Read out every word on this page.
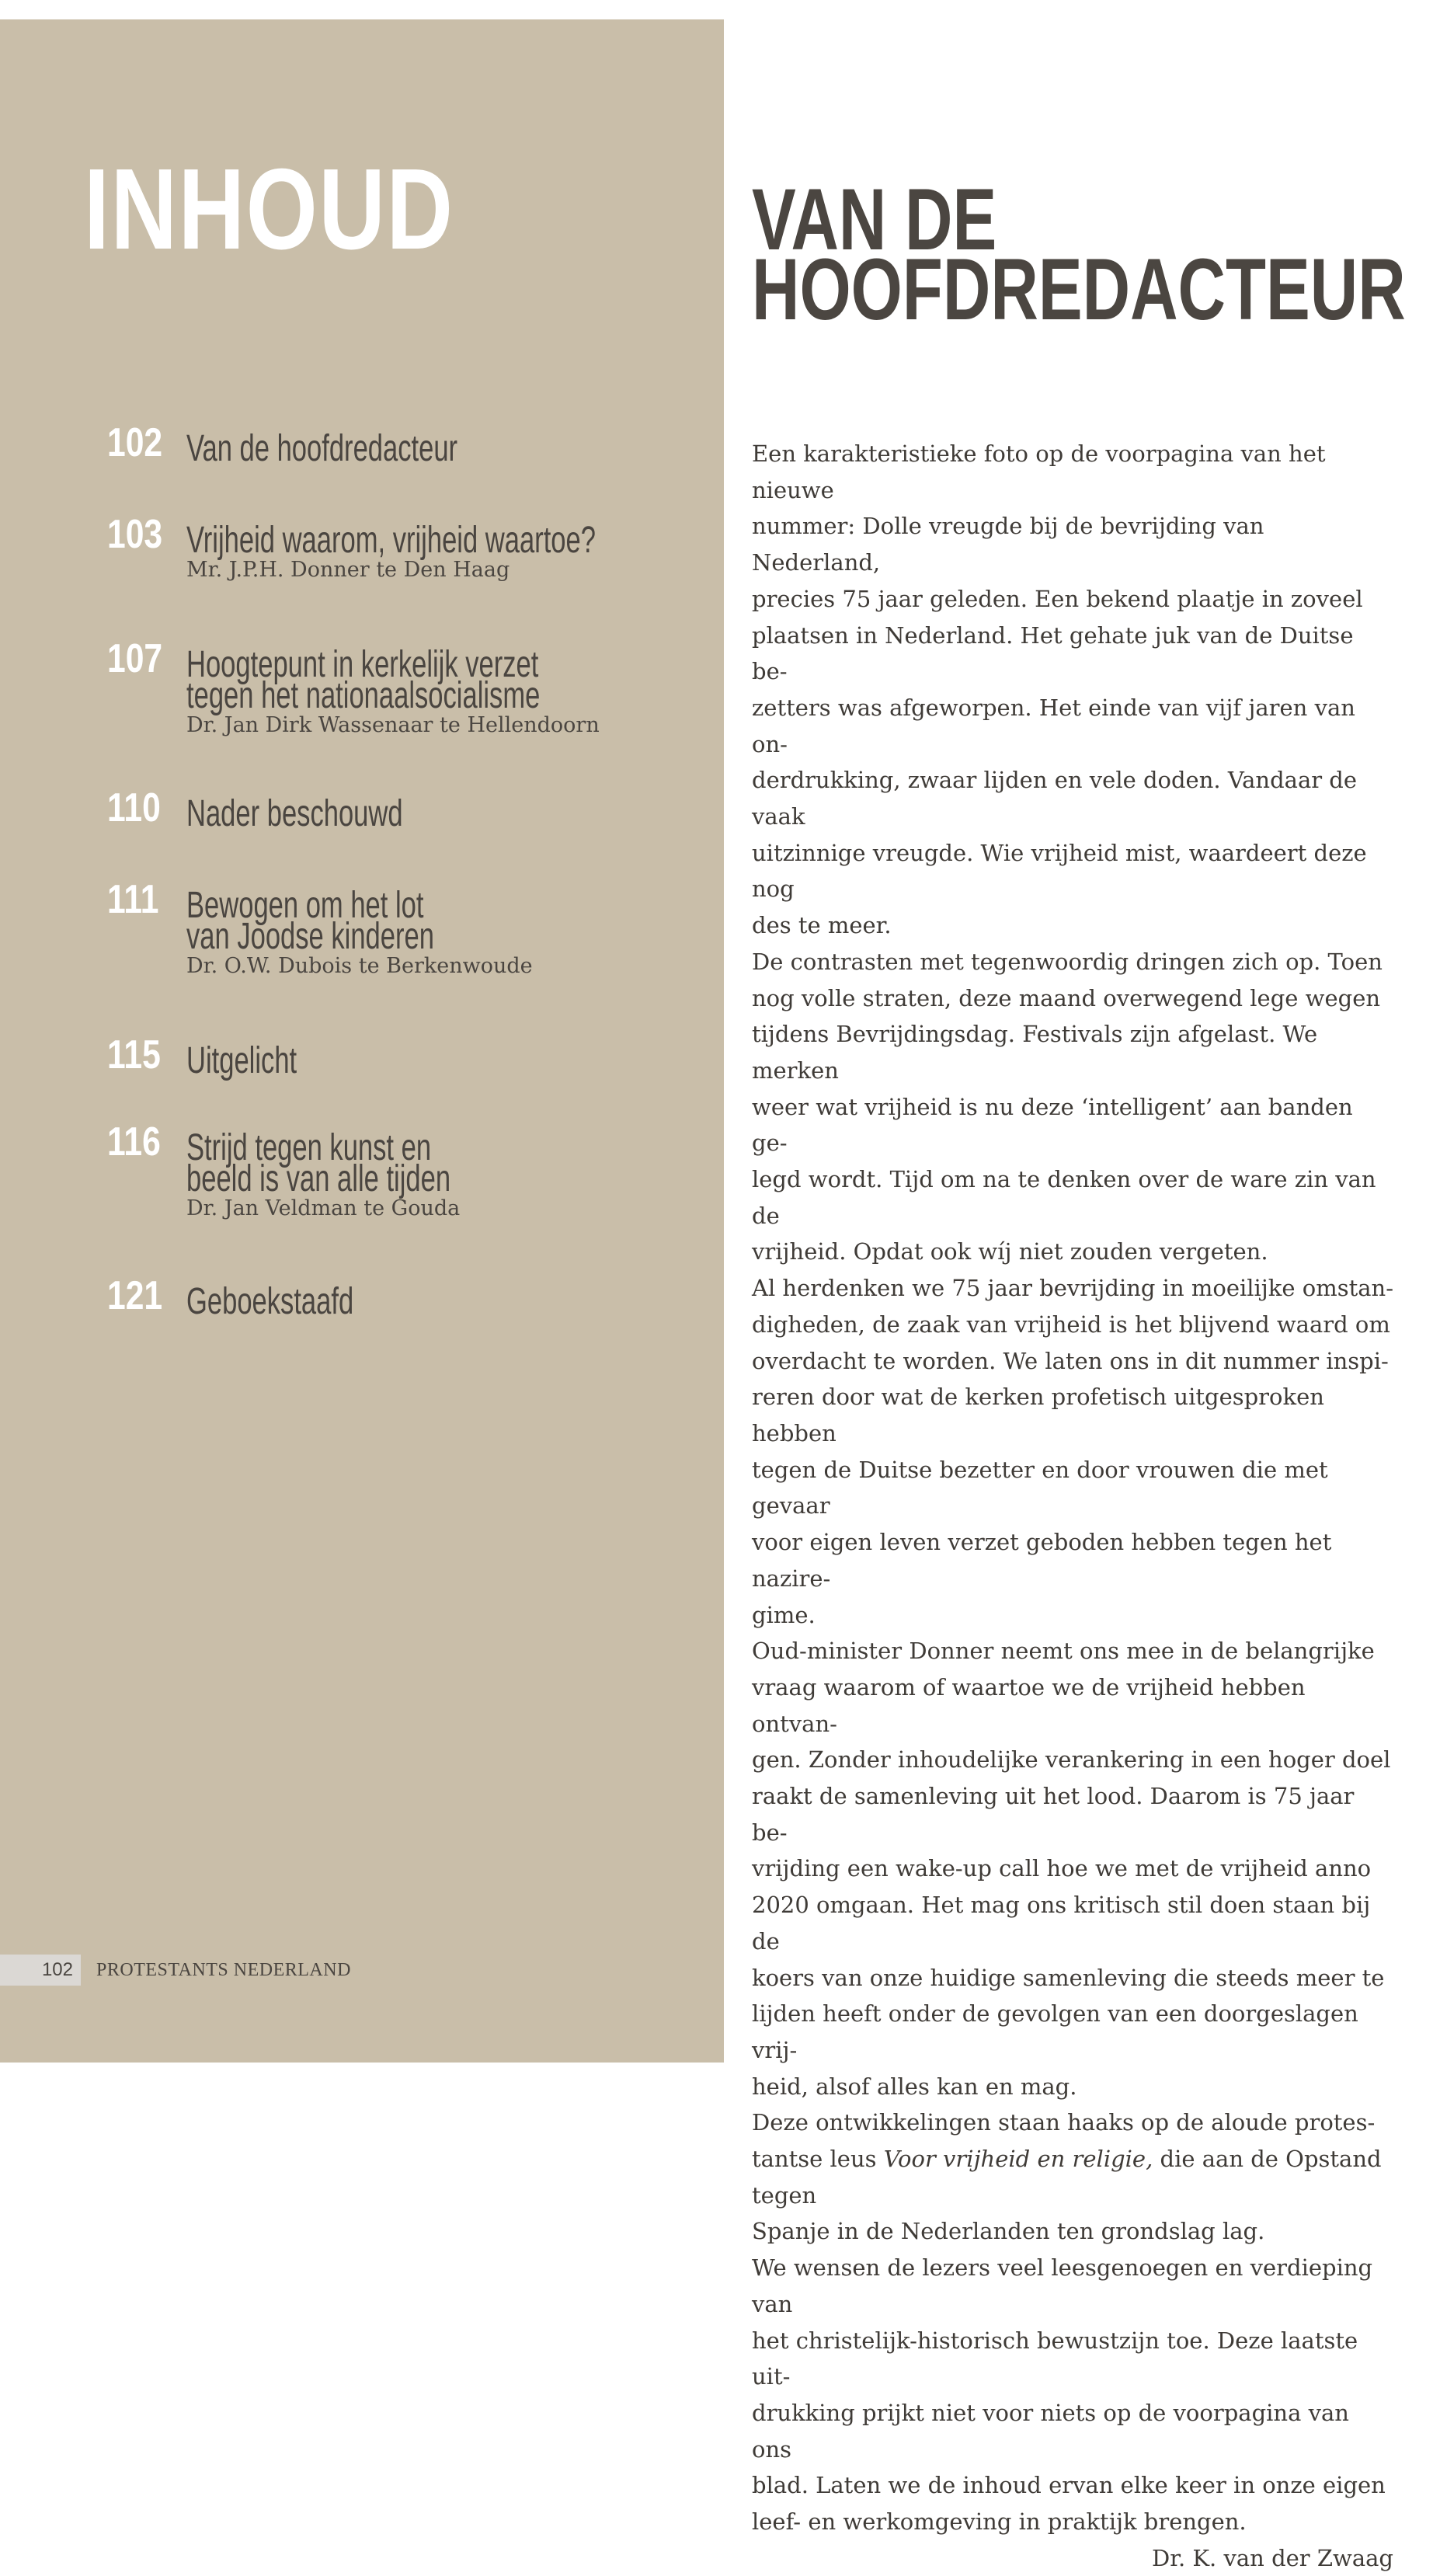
INHOUD
102 Van de hoofdredacteur
103 Vrijheid waarom, vrijheid waartoe?
Mr. J.P.H. Donner te Den Haag
107 Hoogtepunt in kerkelijk verzet
tegen het nationaalsocialisme
Dr. Jan Dirk Wassenaar te Hellendoorn
110 Nader beschouwd
111 Bewogen om het lot
van Joodse kinderen
Dr. O.W. Dubois te Berkenwoude
115 Uitgelicht
116 Strijd tegen kunst en
beeld is van alle tijden
Dr. Jan Veldman te Gouda
121 Geboekstaafd
102	PROTESTANTS NEDERLAND
VAN DE
HOOFDREDACTEUR

Een karakteristieke foto op de voorpagina van het nieuwe

nummer: Dolle vreugde bij de bevrijding van Nederland,

precies 75 jaar geleden. Een bekend plaatje in zoveel

plaatsen in Nederland. Het gehate juk van de Duitse be-

zetters was afgeworpen. Het einde van vijf jaren van on-

derdrukking, zwaar lijden en vele doden. Vandaar de vaak

uitzinnige vreugde. Wie vrijheid mist, waardeert deze nog

des te meer.

De contrasten met tegenwoordig dringen zich op. Toen

nog volle straten, deze maand overwegend lege wegen

tijdens Bevrijdingsdag. Festivals zijn afgelast. We merken

weer wat vrijheid is nu deze ‘intelligent’ aan banden ge-

legd wordt. Tijd om na te denken over de ware zin van de

vrijheid. Opdat ook wíj niet zouden vergeten.

Al herdenken we 75 jaar bevrijding in moeilijke omstan-

digheden, de zaak van vrijheid is het blijvend waard om

overdacht te worden. We laten ons in dit nummer inspi-

reren door wat de kerken profetisch uitgesproken hebben

tegen de Duitse bezetter en door vrouwen die met gevaar

voor eigen leven verzet geboden hebben tegen het nazire-

gime.

Oud-minister Donner neemt ons mee in de belangrijke

vraag waarom of waartoe we de vrijheid hebben ontvan-

gen. Zonder inhoudelijke verankering in een hoger doel

raakt de samenleving uit het lood. Daarom is 75 jaar be-

vrijding een wake-up call hoe we met de vrijheid anno

2020 omgaan. Het mag ons kritisch stil doen staan bij de

koers van onze huidige samenleving die steeds meer te

lijden heeft onder de gevolgen van een doorgeslagen vrij-

heid, alsof alles kan en mag.

Deze ontwikkelingen staan haaks op de aloude protes-

tantse leus Voor vrijheid en religie, die aan de Opstand tegen

Spanje in de Nederlanden ten grondslag lag.

We wensen de lezers veel leesgenoegen en verdieping van

het christelijk-historisch bewustzijn toe. Deze laatste uit-

drukking prijkt niet voor niets op de voorpagina van ons

blad. Laten we de inhoud ervan elke keer in onze eigen

leef- en werkomgeving in praktijk brengen.

Dr. K. van der Zwaag
